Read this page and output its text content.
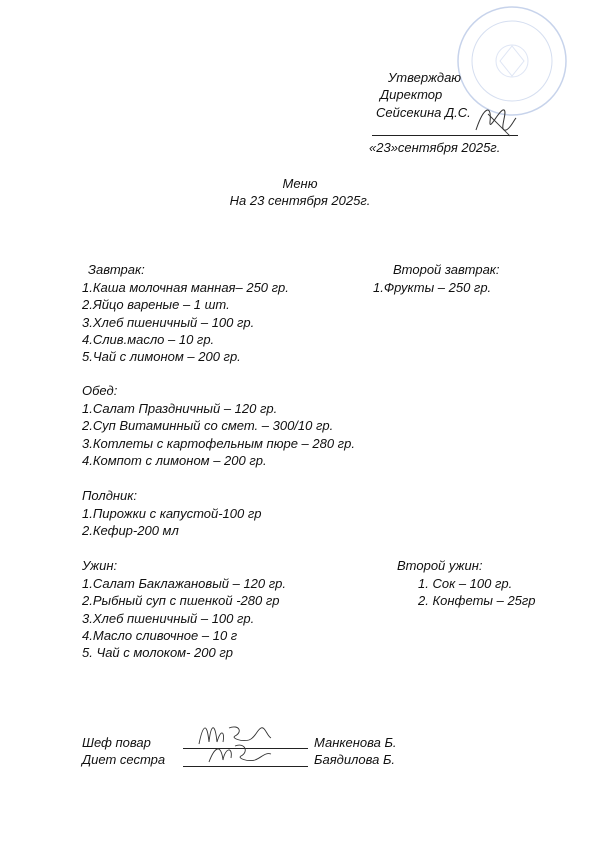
Утверждаю
Директор
Сейсекина Д.С.
«23»сентября 2025г.
Меню
На 23 сентября 2025г.
Завтрак:
1.Каша молочная манная– 250 гр.
2.Яйцо вареные – 1 шт.
3.Хлеб пшеничный – 100 гр.
4.Слив.масло – 10 гр.
5.Чай с лимоном – 200 гр.
Второй завтрак:
1.Фрукты – 250 гр.
Обед:
1.Салат Праздничный – 120 гр.
2.Суп Витаминный со смет. – 300/10 гр.
3.Котлеты с картофельным пюре – 280 гр.
4.Компот с лимоном – 200 гр.
Полдник:
1.Пирожки с капустой-100 гр
2.Кефир-200 мл
Ужин:
1.Салат Баклажановый – 120 гр.
2.Рыбный суп с пшенкой -280 гр
3.Хлеб пшеничный – 100 гр.
4.Масло сливочное – 10 г
5. Чай с молоком- 200 гр
Второй ужин:
1. Сок – 100 гр.
2. Конфеты – 25гр
Шеф повар	Манкенова Б.
Диет сестра	Баядилова Б.
